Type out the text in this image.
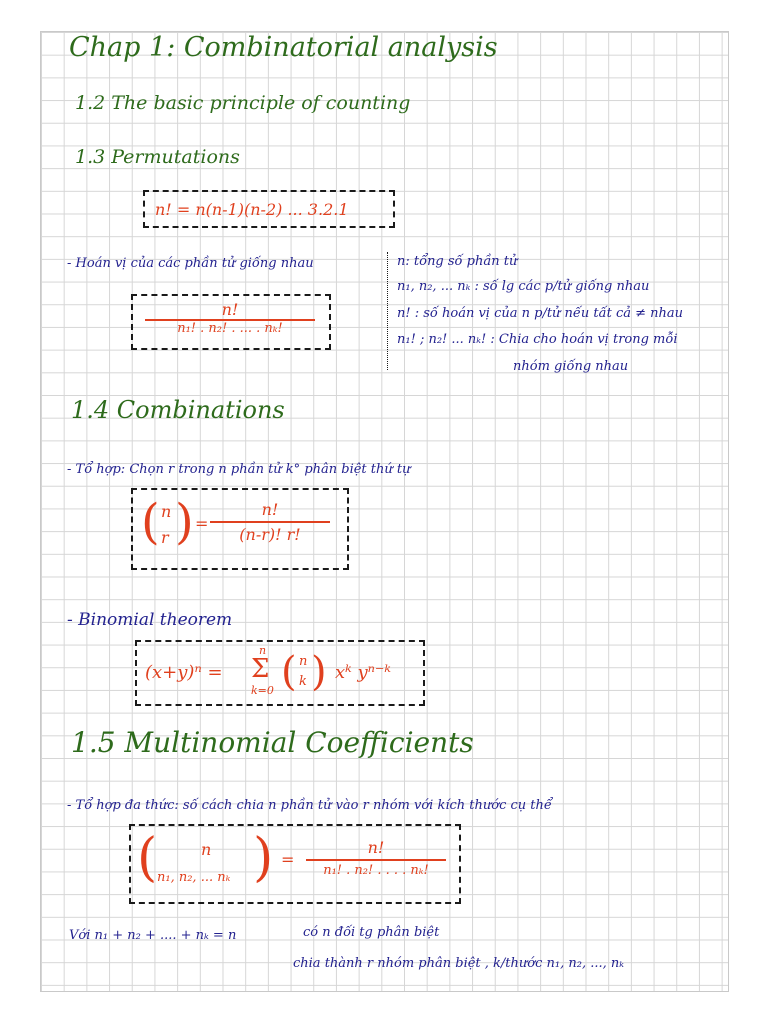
Chap 1: Combinatorial analysis
1.2 The basic principle of counting
1.3 Permutations
n! = n(n-1)(n-2) ... 3.2.1
- Hoán vị của các phần tử giống nhau
n!
n₁! . n₂! . ... . nₖ!
n: tổng số phần tử
n₁, n₂, ... nₖ : số lg các p/tử giống nhau
n! : số hoán vị của n p/tử nếu tất cả ≠ nhau
n₁! ; n₂! ... nₖ! : Chia cho hoán vị trong mỗi
nhóm giống nhau
1.4 Combinations
- Tổ hợp: Chọn r trong n phần tử k° phân biệt thứ tự
( n
r ) =
n!
(n-r)! r!
- Binomial theorem
(x+y)ⁿ =
n
Σ
k=0 ( n
k ) xᵏ yⁿ⁻ᵏ
1.5 Multinomial Coefficients
- Tổ hợp đa thức: số cách chia n phần tử vào r nhóm với kích thước cụ thể
(	n
n₁, n₂, ... nₖ ) =
n!
n₁! . n₂! . . . . nₖ!
Với n₁ + n₂ + .... + nₖ = n	có n đối tg phân biệt
chia thành r nhóm phân biệt , k/thước n₁, n₂, ..., nₖ
